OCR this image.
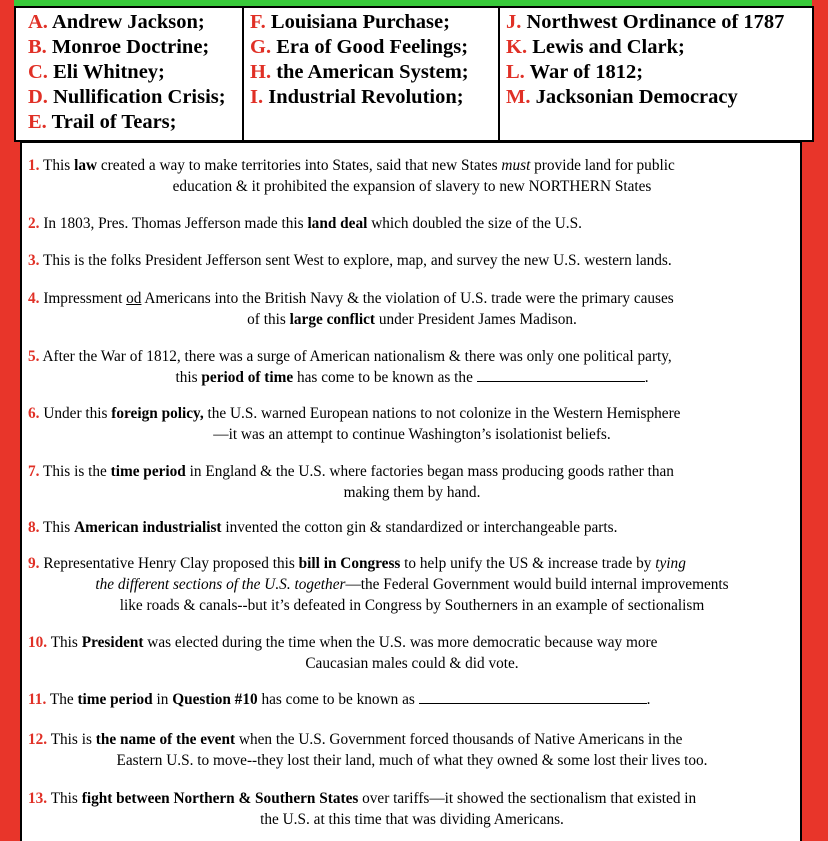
A. Andrew Jackson;
B. Monroe Doctrine;
C. Eli Whitney;
D. Nullification Crisis;
E. Trail of Tears;
F. Louisiana Purchase;
G. Era of Good Feelings;
H. the American System;
I. Industrial Revolution;
J. Northwest Ordinance of 1787
K. Lewis and Clark;
L. War of 1812;
M. Jacksonian Democracy
1. This law created a way to make territories into States, said that new States must provide land for public
education & it prohibited the expansion of slavery to new NORTHERN States
2. In 1803, Pres. Thomas Jefferson made this land deal which doubled the size of the U.S.
3. This is the folks President Jefferson sent West to explore, map, and survey the new U.S. western lands.
4. Impressment od Americans into the British Navy & the violation of U.S. trade were the primary causes
of this large conflict under President James Madison.
5. After the War of 1812, there was a surge of American nationalism & there was only one political party,
this period of time has come to be known as the	.
6. Under this foreign policy, the U.S. warned European nations to not colonize in the Western Hemisphere
—it was an attempt to continue Washington’s isolationist beliefs.
7. This is the time period in England & the U.S. where factories began mass producing goods rather than
making them by hand.
8. This American industrialist invented the cotton gin & standardized or interchangeable parts.
9. Representative Henry Clay proposed this bill in Congress to help unify the US & increase trade by tying
the different sections of the U.S. together—the Federal Government would build internal improvements
like roads & canals--but it’s defeated in Congress by Southerners in an example of sectionalism
10. This President was elected during the time when the U.S. was more democratic because way more
Caucasian males could & did vote.
11. The time period in Question #10 has come to be known as	.
12. This is the name of the event when the U.S. Government forced thousands of Native Americans in the
Eastern U.S. to move--they lost their land, much of what they owned & some lost their lives too.
13. This fight between Northern & Southern States over tariffs—it showed the sectionalism that existed in
the U.S. at this time that was dividing Americans.
